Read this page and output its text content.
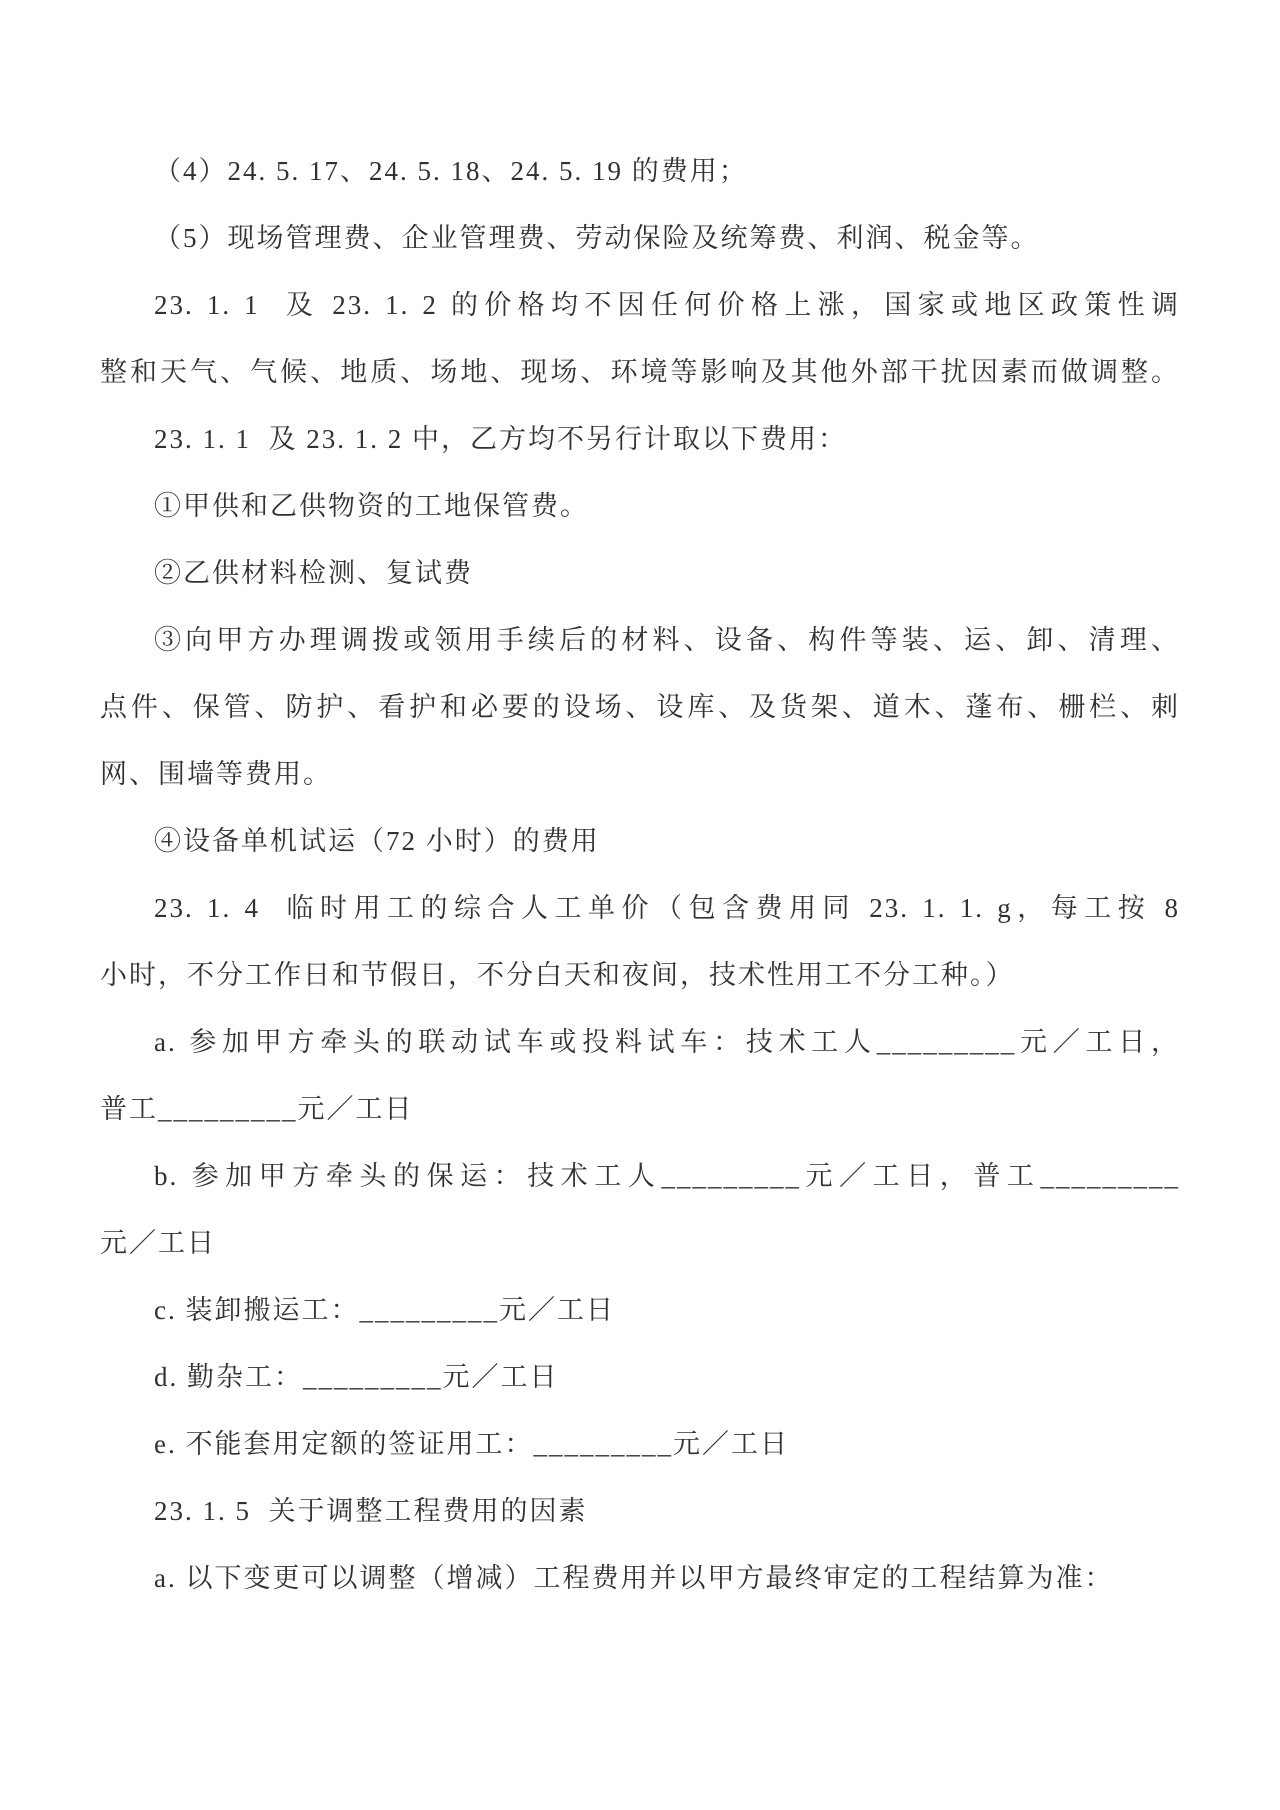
（4）24. 5. 17、24. 5. 18、24. 5. 19 的费用；
（5）现场管理费、企业管理费、劳动保险及统筹费、利润、税金等。
23. 1. 1  及 23. 1. 2 的价格均不因任何价格上涨，国家或地区政策性调
整和天气、气候、地质、场地、现场、环境等影响及其他外部干扰因素而做调整。
23. 1. 1  及 23. 1. 2 中，乙方均不另行计取以下费用：
①甲供和乙供物资的工地保管费。
②乙供材料检测、复试费
③向甲方办理调拨或领用手续后的材料、设备、构件等装、运、卸、清理、
点件、保管、防护、看护和必要的设场、设库、及货架、道木、蓬布、栅栏、刺
网、围墙等费用。
④设备单机试运（72 小时）的费用
23. 1. 4  临时用工的综合人工单价（包含费用同 23. 1. 1. g，每工按 8
小时，不分工作日和节假日，不分白天和夜间，技术性用工不分工种。）
a. 参加甲方牵头的联动试车或投料试车：技术工人_________元／工日，
普工_________元／工日
b. 参加甲方牵头的保运：技术工人_________元／工日，普工_________
元／工日
c. 装卸搬运工：_________元／工日
d. 勤杂工：_________元／工日
e. 不能套用定额的签证用工：_________元／工日
23. 1. 5  关于调整工程费用的因素
a. 以下变更可以调整（增减）工程费用并以甲方最终审定的工程结算为准：
